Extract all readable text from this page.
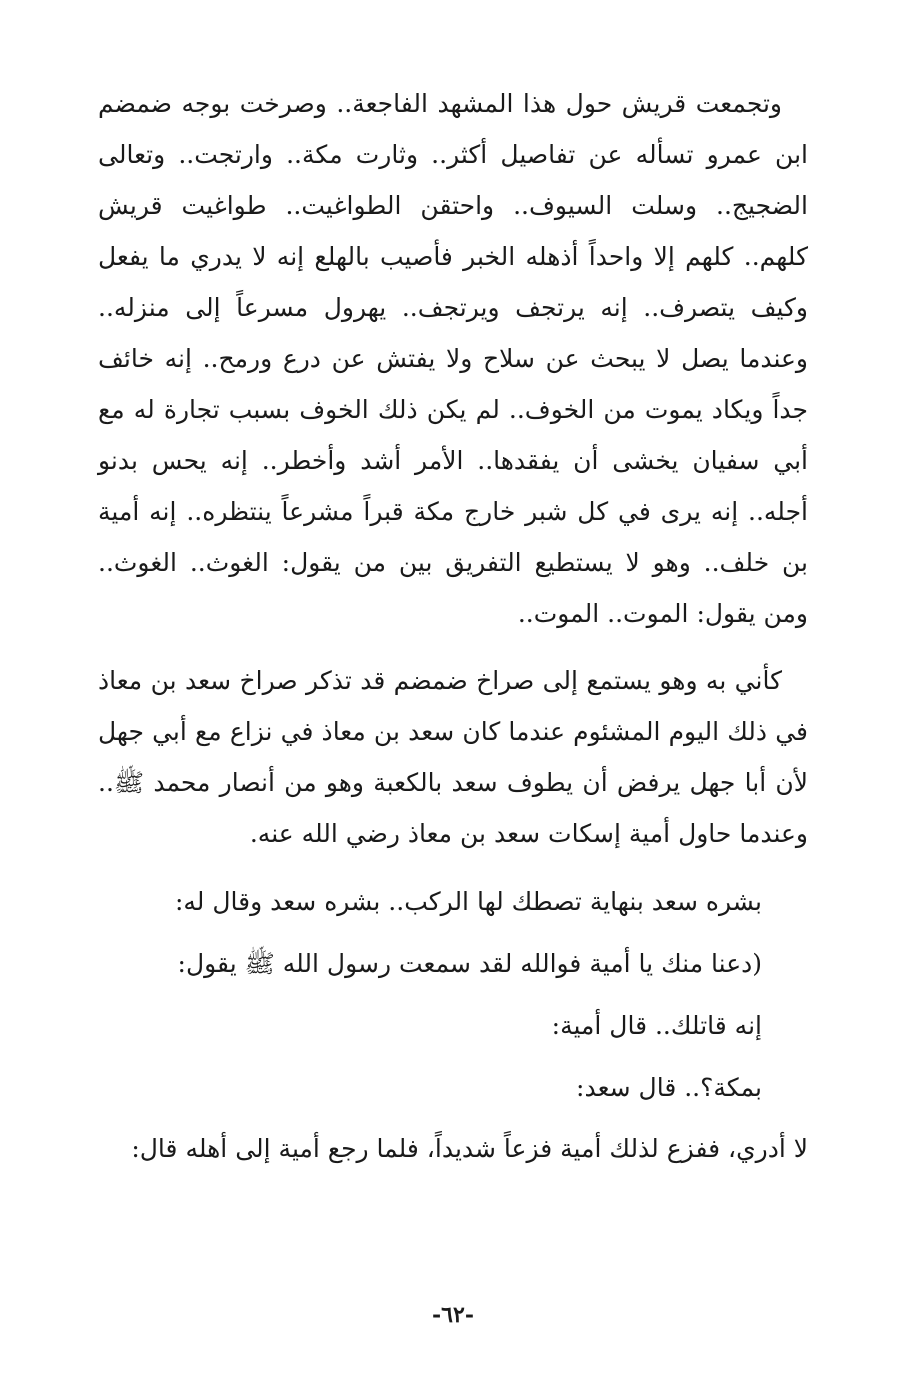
وتجمعت قريش حول هذا المشهد الفاجعة.. وصرخت بوجه ضمضم ابن عمرو تسأله عن تفاصيل أكثر.. وثارت مكة.. وارتجت.. وتعالى الضجيج.. وسلت السيوف.. واحتقن الطواغيت.. طواغيت قريش كلهم.. كلهم إلا واحداً أذهله الخبر فأصيب بالهلع إنه لا يدري ما يفعل وكيف يتصرف.. إنه يرتجف ويرتجف.. يهرول مسرعاً إلى منزله.. وعندما يصل لا يبحث عن سلاح ولا يفتش عن درع ورمح.. إنه خائف جداً ويكاد يموت من الخوف.. لم يكن ذلك الخوف بسبب تجارة له مع أبي سفيان يخشى أن يفقدها.. الأمر أشد وأخطر.. إنه يحس بدنو أجله.. إنه يرى في كل شبر خارج مكة قبراً مشرعاً ينتظره.. إنه أمية بن خلف.. وهو لا يستطيع التفريق بين من يقول: الغوث.. الغوث.. ومن يقول: الموت.. الموت..

كأني به وهو يستمع إلى صراخ ضمضم قد تذكر صراخ سعد بن معاذ في ذلك اليوم المشئوم عندما كان سعد بن معاذ في نزاع مع أبي جهل لأن أبا جهل يرفض أن يطوف سعد بالكعبة وهو من أنصار محمد ﷺ.. وعندما حاول أمية إسكات سعد بن معاذ رضي الله عنه.

بشره سعد بنهاية تصطك لها الركب.. بشره سعد وقال له:

(دعنا منك يا أمية فوالله لقد سمعت رسول الله ﷺ يقول:

إنه قاتلك.. قال أمية:

بمكة؟.. قال سعد:

لا أدري، ففزع لذلك أمية فزعاً شديداً، فلما رجع أمية إلى أهله قال:

-٦٢-
